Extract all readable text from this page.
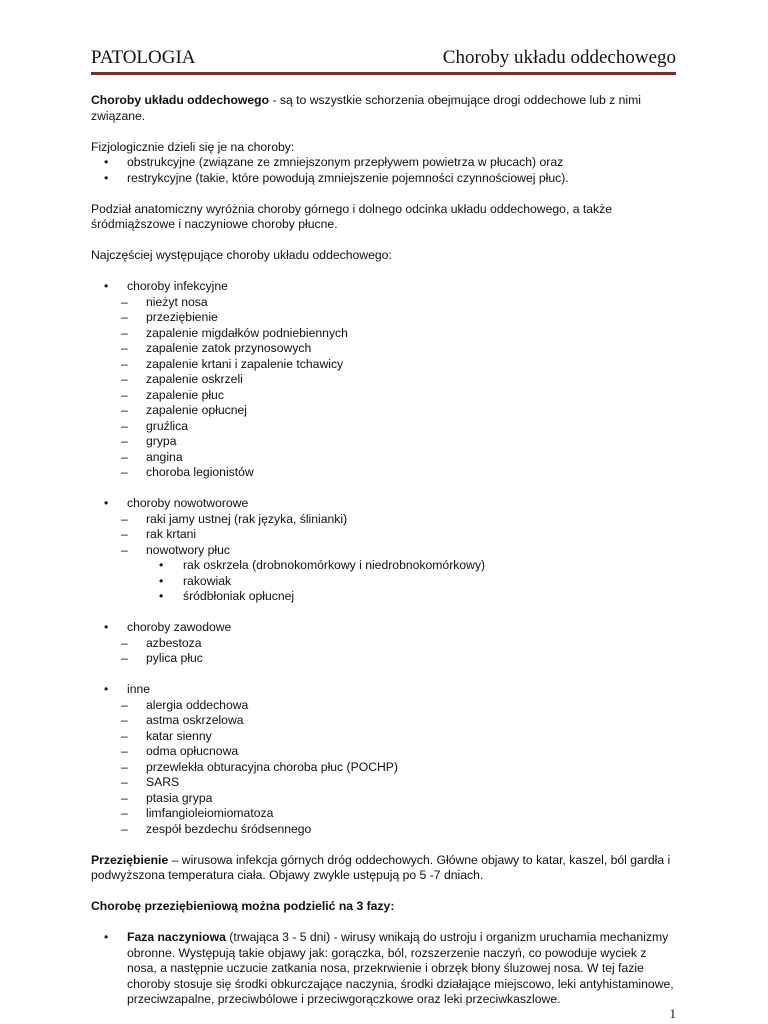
PATOLOGIA	Choroby układu oddechowego

Choroby układu oddechowego - są to wszystkie schorzenia obejmujące drogi oddechowe lub z nimi związane.

Fizjologicznie dzieli się je na choroby:

•	obstrukcyjne (związane ze zmniejszonym przepływem powietrza w płucach) oraz
•	restrykcyjne (takie, które powodują zmniejszenie pojemności czynnościowej płuc).

Podział anatomiczny wyróżnia choroby górnego i dolnego odcinka układu oddechowego, a także śródmiąższowe i naczyniowe choroby płucne.

Najczęściej występujące choroby układu oddechowego:

•	choroby infekcyjne
–	nieżyt nosa
–	przeziębienie
–	zapalenie migdałków podniebiennych
–	zapalenie zatok przynosowych
–	zapalenie krtani i zapalenie tchawicy
–	zapalenie oskrzeli
–	zapalenie płuc
–	zapalenie opłucnej
–	gruźlica
–	grypa
–	angina
–	choroba legionistów
•	choroby nowotworowe
–	raki jamy ustnej (rak języka, ślinianki)
–	rak krtani
–	nowotwory płuc
•	rak oskrzela (drobnokomórkowy i niedrobnokomórkowy)
•	rakowiak
•	śródbłoniak opłucnej
•	choroby zawodowe
–	azbestoza
–	pylica płuc
•	inne
–	alergia oddechowa
–	astma oskrzelowa
–	katar sienny
–	odma opłucnowa
–	przewlekła obturacyjna choroba płuc (POCHP)
–	SARS
–	ptasia grypa
–	limfangioleiomiomatoza
–	zespół bezdechu śródsennego

Przeziębienie – wirusowa infekcja górnych dróg oddechowych. Główne objawy to katar, kaszel, ból gardła i podwyższona temperatura ciała. Objawy zwykle ustępują po 5 -7 dniach.

Chorobę przeziębieniową można podzielić na 3 fazy:

•	Faza naczyniowa (trwająca 3 - 5 dni) - wirusy wnikają do ustroju i organizm uruchamia mechanizmy obronne. Występują takie objawy jak: gorączka, ból, rozszerzenie naczyń, co powoduje wyciek z nosa, a następnie uczucie zatkania nosa, przekrwienie i obrzęk błony śluzowej nosa. W tej fazie choroby stosuje się środki obkurczające naczynia, środki działające miejscowo, leki antyhistaminowe, przeciwzapalne, przeciwbólowe i przeciwgorączkowe oraz leki przeciwkaszlowe.
1
